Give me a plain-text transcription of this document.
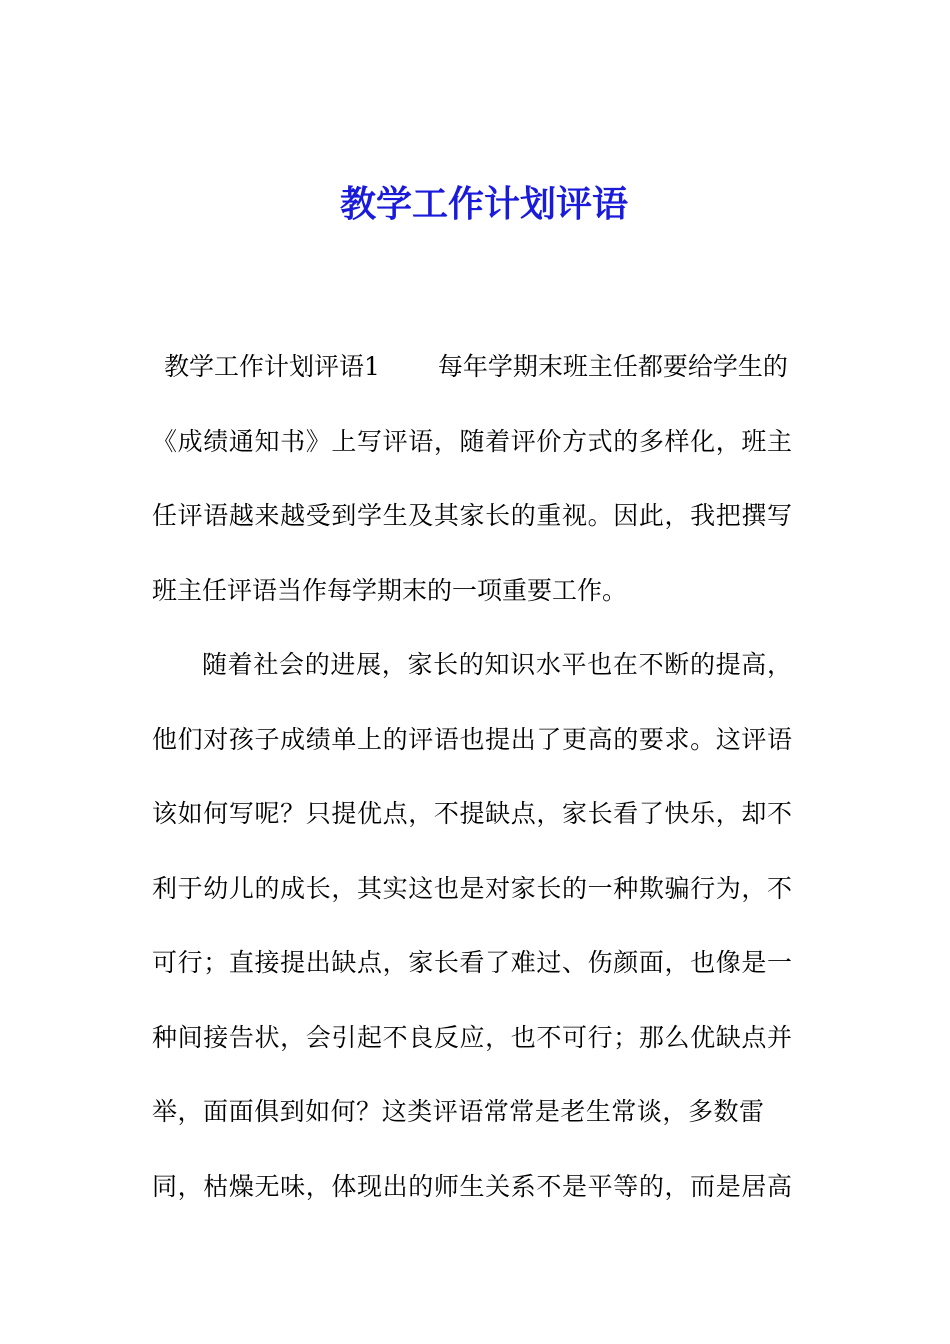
教学工作计划评语

教学工作计划评语1 每年学期末班主任都要给学生的

《成绩通知书》上写评语，随着评价方式的多样化，班主

任评语越来越受到学生及其家长的重视。因此，我把撰写

班主任评语当作每学期末的一项重要工作。

随着社会的进展，家长的知识水平也在不断的提高，

他们对孩子成绩单上的评语也提出了更高的要求。这评语

该如何写呢？只提优点，不提缺点，家长看了快乐，却不

利于幼儿的成长，其实这也是对家长的一种欺骗行为，不

可行；直接提出缺点，家长看了难过、伤颜面，也像是一

种间接告状，会引起不良反应，也不可行；那么优缺点并

举，面面俱到如何？这类评语常常是老生常谈，多数雷

同，枯燥无味，体现出的师生关系不是平等的，而是居高
